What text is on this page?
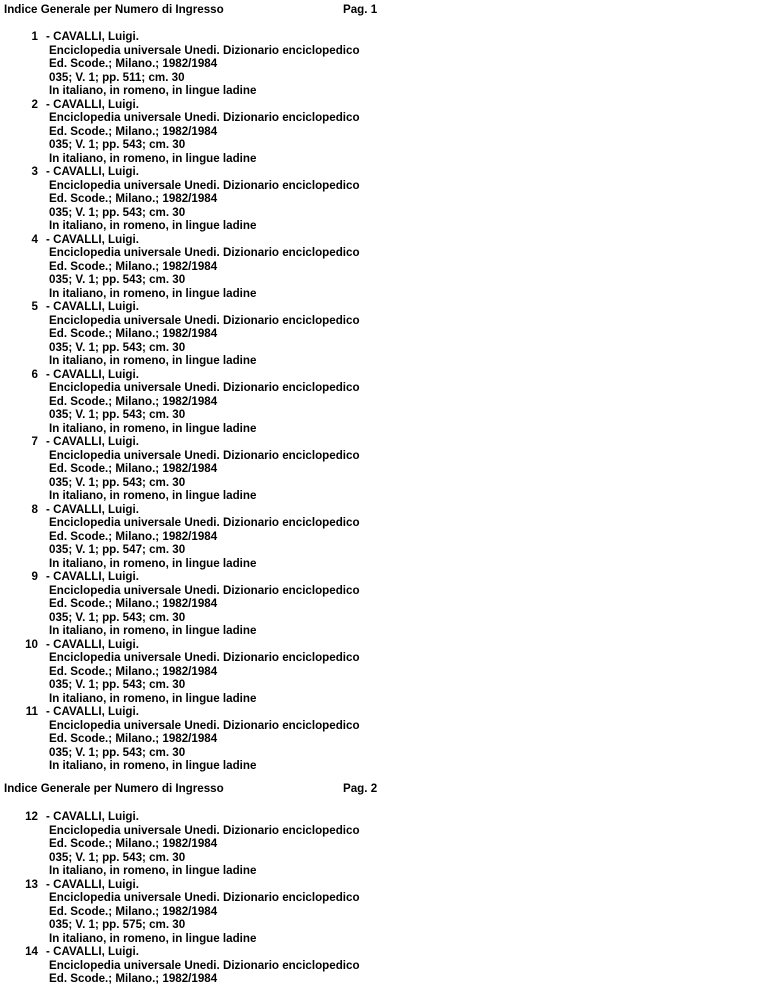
Indice Generale per Numero di Ingresso	Pag. 1
1 - CAVALLI, Luigi.
Enciclopedia universale Unedi. Dizionario enciclopedico
Ed. Scode.; Milano.; 1982/1984
035; V. 1; pp. 511; cm. 30
In italiano, in romeno, in lingue ladine
2 - CAVALLI, Luigi.
Enciclopedia universale Unedi. Dizionario enciclopedico
Ed. Scode.; Milano.; 1982/1984
035; V. 1; pp. 543; cm. 30
In italiano, in romeno, in lingue ladine
3 - CAVALLI, Luigi.
Enciclopedia universale Unedi. Dizionario enciclopedico
Ed. Scode.; Milano.; 1982/1984
035; V. 1; pp. 543; cm. 30
In italiano, in romeno, in lingue ladine
4 - CAVALLI, Luigi.
Enciclopedia universale Unedi. Dizionario enciclopedico
Ed. Scode.; Milano.; 1982/1984
035; V. 1; pp. 543; cm. 30
In italiano, in romeno, in lingue ladine
5 - CAVALLI, Luigi.
Enciclopedia universale Unedi. Dizionario enciclopedico
Ed. Scode.; Milano.; 1982/1984
035; V. 1; pp. 543; cm. 30
In italiano, in romeno, in lingue ladine
6 - CAVALLI, Luigi.
Enciclopedia universale Unedi. Dizionario enciclopedico
Ed. Scode.; Milano.; 1982/1984
035; V. 1; pp. 543; cm. 30
In italiano, in romeno, in lingue ladine
7 - CAVALLI, Luigi.
Enciclopedia universale Unedi. Dizionario enciclopedico
Ed. Scode.; Milano.; 1982/1984
035; V. 1; pp. 543; cm. 30
In italiano, in romeno, in lingue ladine
8 - CAVALLI, Luigi.
Enciclopedia universale Unedi. Dizionario enciclopedico
Ed. Scode.; Milano.; 1982/1984
035; V. 1; pp. 547; cm. 30
In italiano, in romeno, in lingue ladine
9 - CAVALLI, Luigi.
Enciclopedia universale Unedi. Dizionario enciclopedico
Ed. Scode.; Milano.; 1982/1984
035; V. 1; pp. 543; cm. 30
In italiano, in romeno, in lingue ladine
10 - CAVALLI, Luigi.
Enciclopedia universale Unedi. Dizionario enciclopedico
Ed. Scode.; Milano.; 1982/1984
035; V. 1; pp. 543; cm. 30
In italiano, in romeno, in lingue ladine
11 - CAVALLI, Luigi.
Enciclopedia universale Unedi. Dizionario enciclopedico
Ed. Scode.; Milano.; 1982/1984
035; V. 1; pp. 543; cm. 30
In italiano, in romeno, in lingue ladine
Indice Generale per Numero di Ingresso	Pag. 2
12 - CAVALLI, Luigi.
Enciclopedia universale Unedi. Dizionario enciclopedico
Ed. Scode.; Milano.; 1982/1984
035; V. 1; pp. 543; cm. 30
In italiano, in romeno, in lingue ladine
13 - CAVALLI, Luigi.
Enciclopedia universale Unedi. Dizionario enciclopedico
Ed. Scode.; Milano.; 1982/1984
035; V. 1; pp. 575; cm. 30
In italiano, in romeno, in lingue ladine
14 - CAVALLI, Luigi.
Enciclopedia universale Unedi. Dizionario enciclopedico
Ed. Scode.; Milano.; 1982/1984
